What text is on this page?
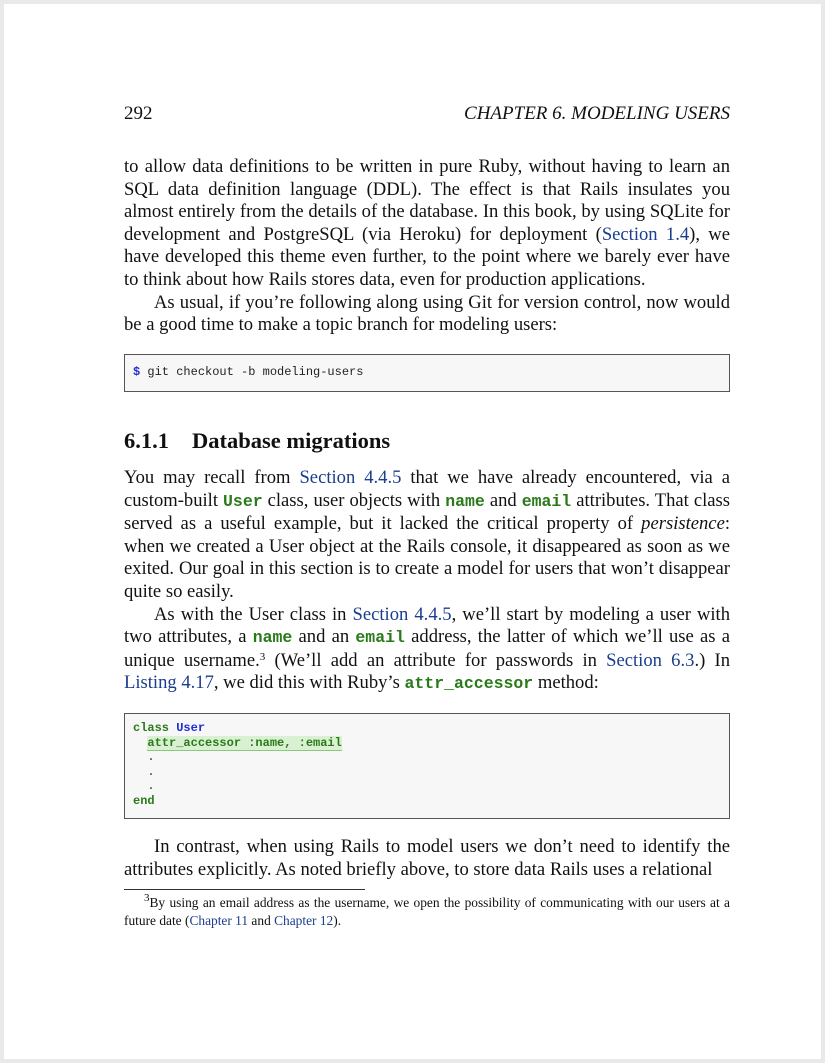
292	CHAPTER 6. MODELING USERS

to allow data definitions to be written in pure Ruby, without having to learn an SQL data definition language (DDL). The effect is that Rails insulates you almost entirely from the details of the database. In this book, by using SQLite for development and PostgreSQL (via Heroku) for deployment (Section 1.4), we have developed this theme even further, to the point where we barely ever have to think about how Rails stores data, even for production applications.

As usual, if you’re following along using Git for version control, now would be a good time to make a topic branch for modeling users:

$ git checkout -b modeling-users
6.1.1 Database migrations

You may recall from Section 4.4.5 that we have already encountered, via a custom-built User class, user objects with name and email attributes. That class served as a useful example, but it lacked the critical property of persistence: when we created a User object at the Rails console, it disappeared as soon as we exited. Our goal in this section is to create a model for users that won’t disappear quite so easily.

As with the User class in Section 4.4.5, we’ll start by modeling a user with two attributes, a name and an email address, the latter of which we’ll use as a unique username.$^3$ (We’ll add an attribute for passwords in Section 6.3.) In Listing 4.17, we did this with Ruby’s attr_accessor method:

class User
attr_accessor :name, :email
.
.
.
end

In contrast, when using Rails to model users we don’t need to identify the attributes explicitly. As noted briefly above, to store data Rails uses a relational

$^3$By using an email address as the username, we open the possibility of communicating with our users at a future date (Chapter 11 and Chapter 12).
